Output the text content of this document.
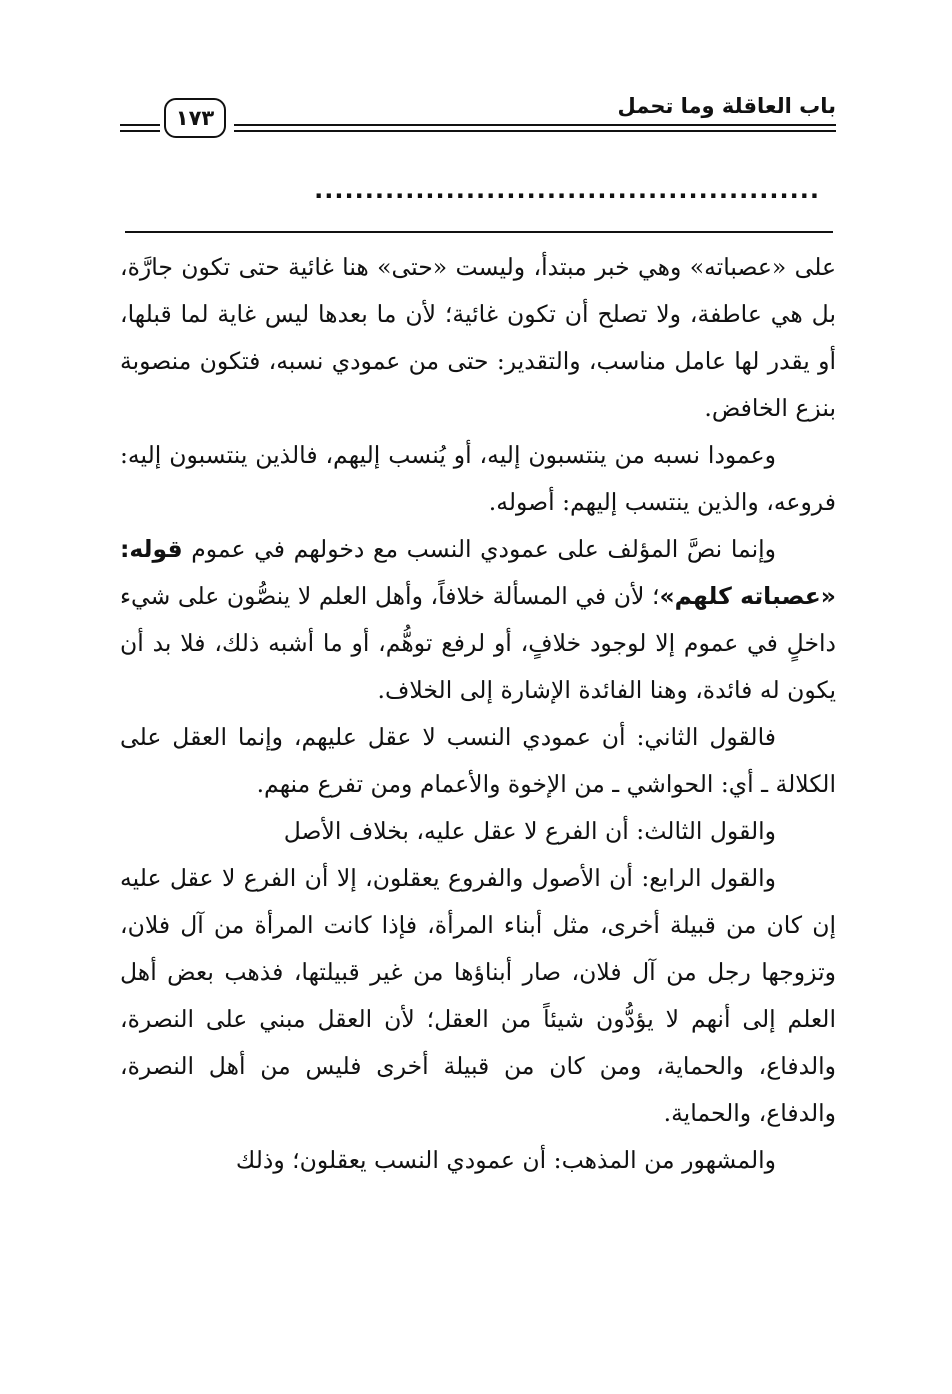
باب العاقلة وما تحمل
١٧٣
..................................................

على «عصباته» وهي خبر مبتدأ، وليست «حتى» هنا غائية حتى تكون جارَّة، بل هي عاطفة، ولا تصلح أن تكون غائية؛ لأن ما بعدها ليس غاية لما قبلها، أو يقدر لها عامل مناسب، والتقدير: حتى من عمودي نسبه، فتكون منصوبة بنزع الخافض.

وعمودا نسبه من ينتسبون إليه، أو يُنسب إليهم، فالذين ينتسبون إليه: فروعه، والذين ينتسب إليهم: أصوله.

وإنما نصَّ المؤلف على عمودي النسب مع دخولهم في عموم قوله: «عصباته كلهم»؛ لأن في المسألة خلافاً، وأهل العلم لا ينصُّون على شيء داخلٍ في عموم إلا لوجود خلافٍ، أو لرفع توهُّم، أو ما أشبه ذلك، فلا بد أن يكون له فائدة، وهنا الفائدة الإشارة إلى الخلاف.

فالقول الثاني: أن عمودي النسب لا عقل عليهم، وإنما العقل على الكلالة ـ أي: الحواشي ـ من الإخوة والأعمام ومن تفرع منهم.

والقول الثالث: أن الفرع لا عقل عليه، بخلاف الأصل

والقول الرابع: أن الأصول والفروع يعقلون، إلا أن الفرع لا عقل عليه إن كان من قبيلة أخرى، مثل أبناء المرأة، فإذا كانت المرأة من آل فلان، وتزوجها رجل من آل فلان، صار أبناؤها من غير قبيلتها، فذهب بعض أهل العلم إلى أنهم لا يؤدُّون شيئاً من العقل؛ لأن العقل مبني على النصرة، والدفاع، والحماية، ومن كان من قبيلة أخرى فليس من أهل النصرة، والدفاع، والحماية.

والمشهور من المذهب: أن عمودي النسب يعقلون؛ وذلك
